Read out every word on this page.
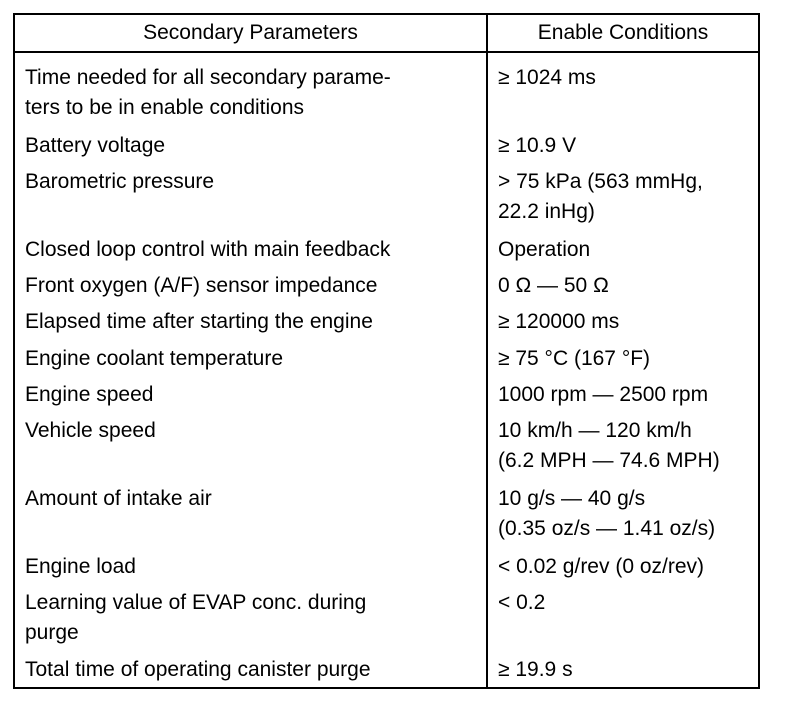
Secondary Parameters	Enable Conditions
Time needed for all secondary parame-
ters to be in enable conditions	≥ 1024 ms
Battery voltage	≥ 10.9 V
Barometric pressure	> 75 kPa (563 mmHg,
22.2 inHg)
Closed loop control with main feedback	Operation
Front oxygen (A/F) sensor impedance	0 Ω — 50 Ω
Elapsed time after starting the engine	≥ 120000 ms
Engine coolant temperature	≥ 75 °C (167 °F)
Engine speed	1000 rpm — 2500 rpm
Vehicle speed	10 km/h — 120 km/h
(6.2 MPH — 74.6 MPH)
Amount of intake air	10 g/s — 40 g/s
(0.35 oz/s — 1.41 oz/s)
Engine load	< 0.02 g/rev (0 oz/rev)
Learning value of EVAP conc. during
purge	< 0.2
Total time of operating canister purge	≥ 19.9 s
